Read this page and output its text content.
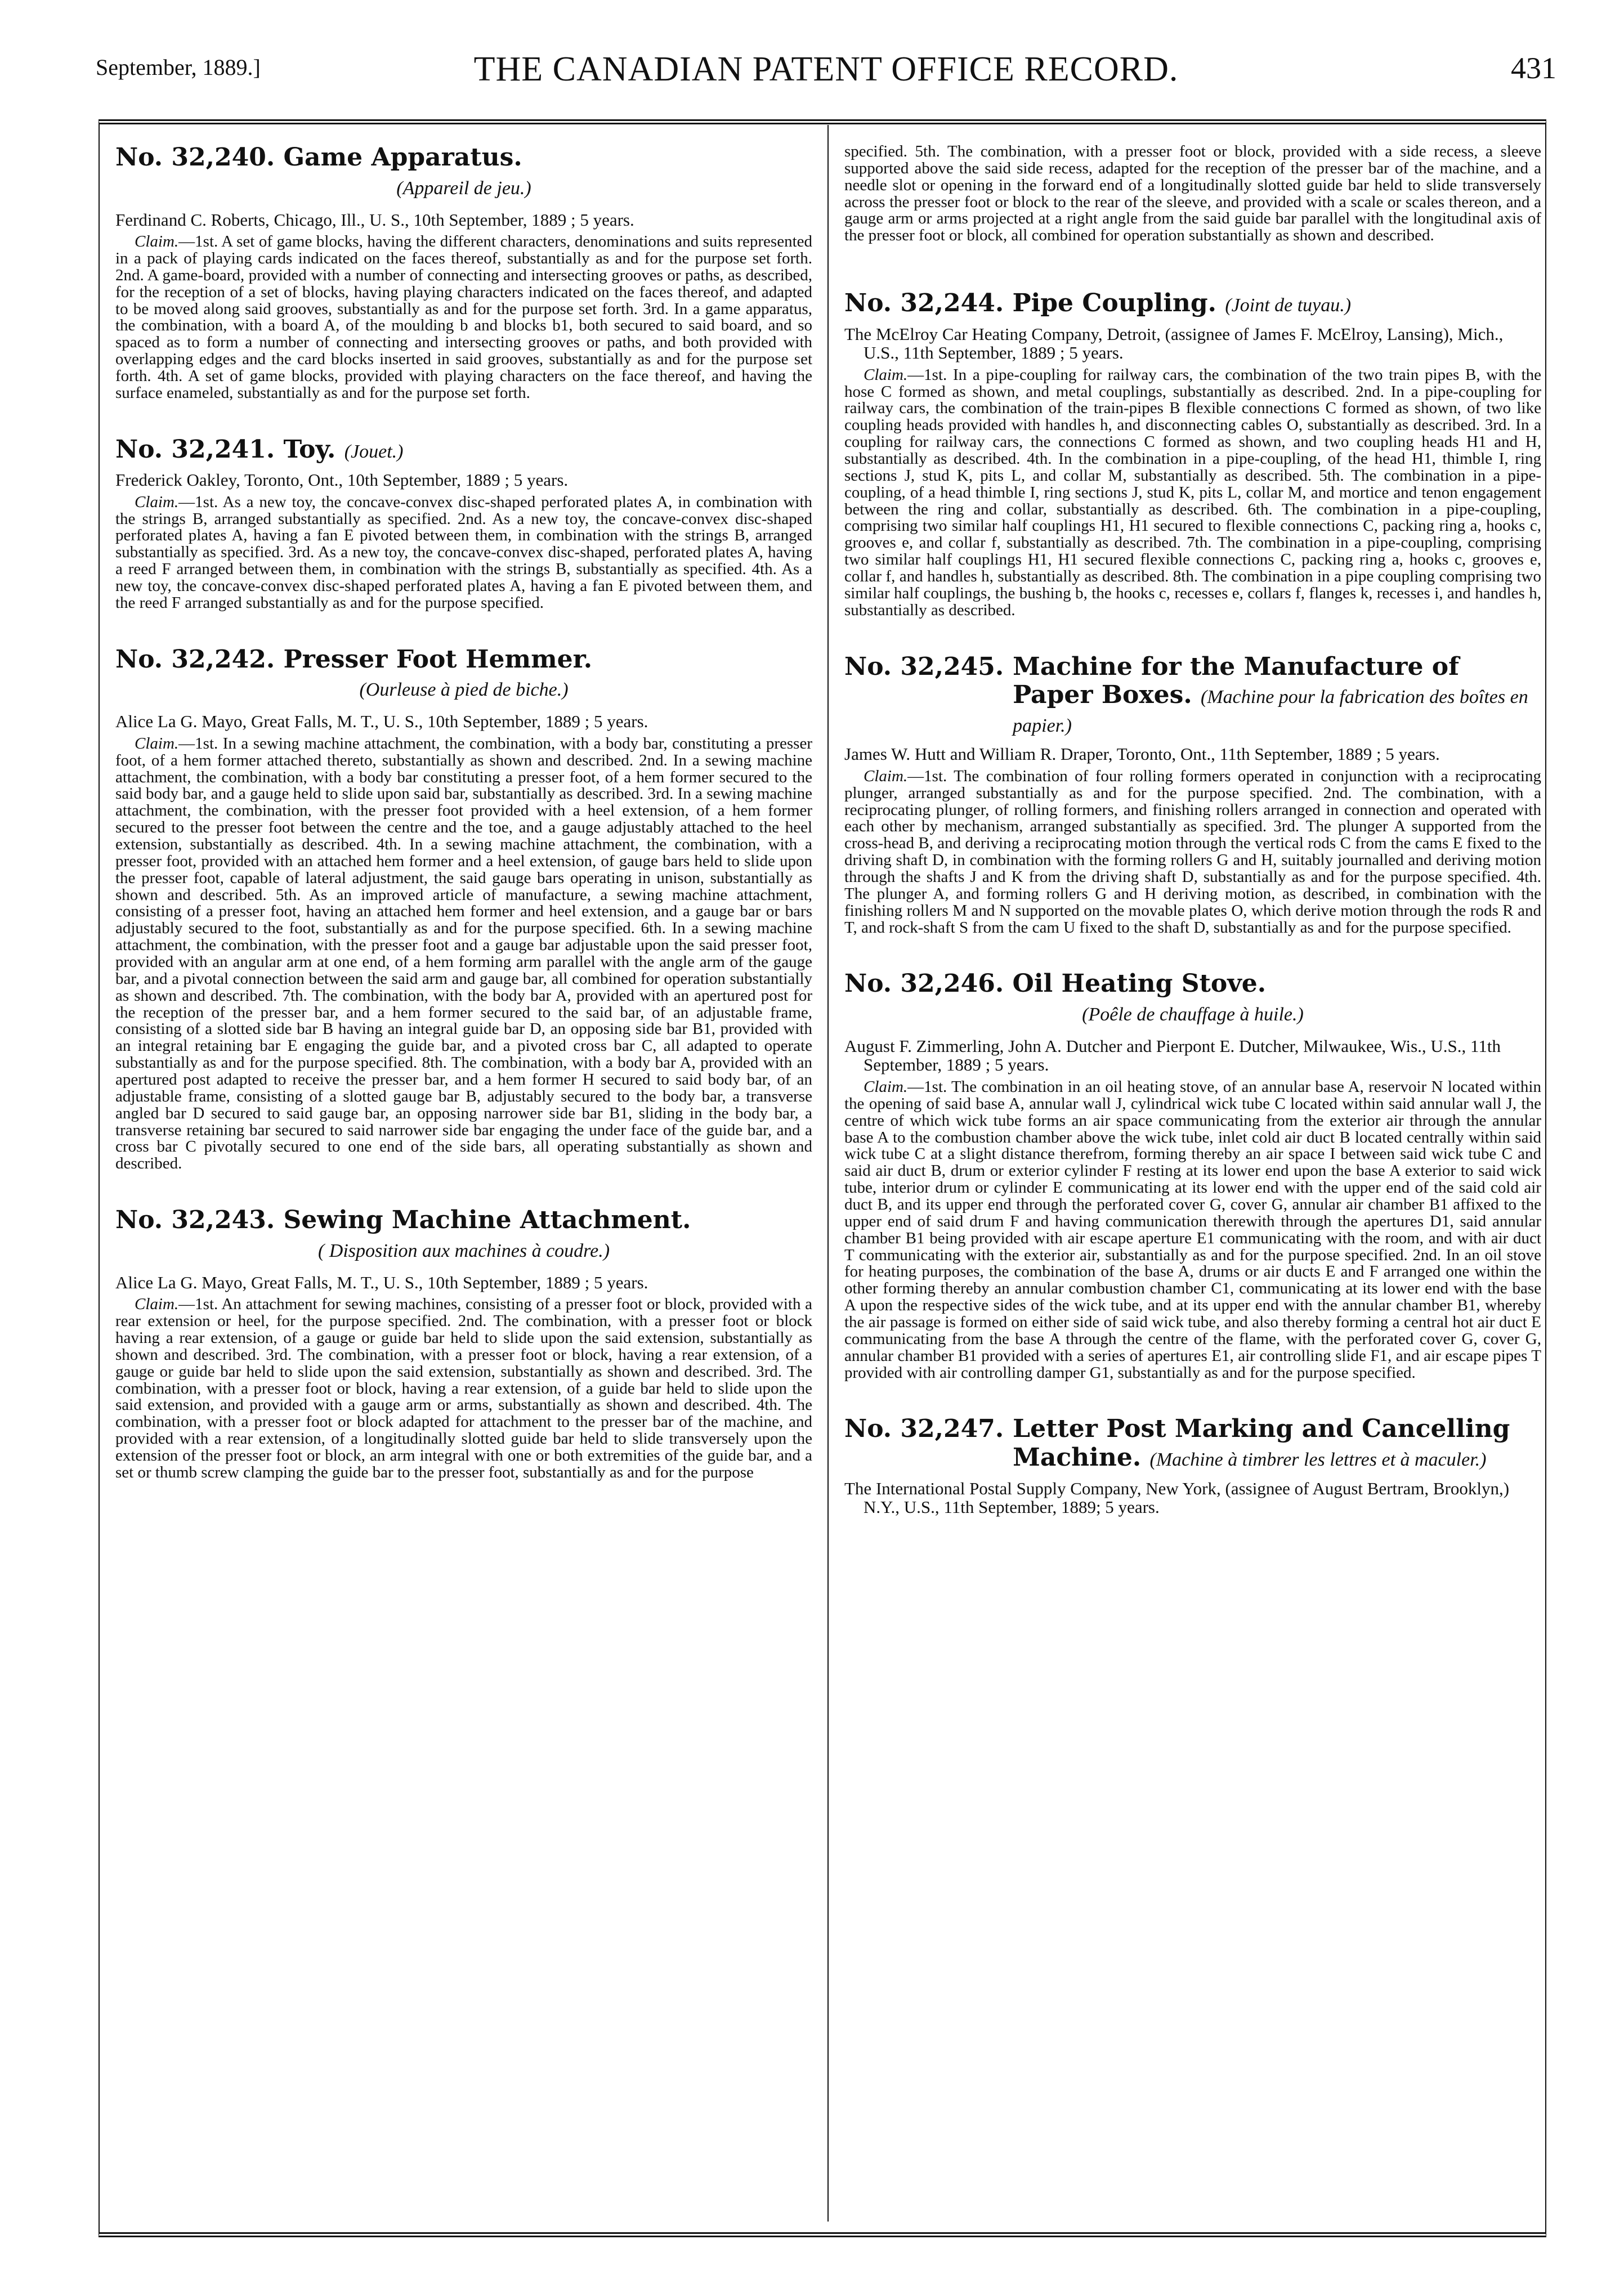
September, 1889.]	THE CANADIAN PATENT OFFICE RECORD.	431

No. 32,240. Game Apparatus.

(Appareil de jeu.)

Ferdinand C. Roberts, Chicago, Ill., U. S., 10th September, 1889 ; 5 years.

Claim.—1st. A set of game blocks, having the different characters, denominations and suits represented in a pack of playing cards indicated on the faces thereof, substantially as and for the purpose set forth. 2nd. A game-board, provided with a number of connecting and intersecting grooves or paths, as described, for the reception of a set of blocks, having playing characters indicated on the faces thereof, and adapted to be moved along said grooves, substantially as and for the purpose set forth. 3rd. In a game apparatus, the combination, with a board A, of the moulding b and blocks b1, both secured to said board, and so spaced as to form a number of connecting and intersecting grooves or paths, and both provided with overlapping edges and the card blocks inserted in said grooves, substantially as and for the purpose set forth. 4th. A set of game blocks, provided with playing characters on the face thereof, and having the surface enameled, substantially as and for the purpose set forth.

No. 32,241. Toy. (Jouet.)

Frederick Oakley, Toronto, Ont., 10th September, 1889 ; 5 years.

Claim.—1st. As a new toy, the concave-convex disc-shaped perforated plates A, in combination with the strings B, arranged substantially as specified. 2nd. As a new toy, the concave-convex disc-shaped perforated plates A, having a fan E pivoted between them, in combination with the strings B, arranged substantially as specified. 3rd. As a new toy, the concave-convex disc-shaped, perforated plates A, having a reed F arranged between them, in combination with the strings B, substantially as specified. 4th. As a new toy, the concave-convex disc-shaped perforated plates A, having a fan E pivoted between them, and the reed F arranged substantially as and for the purpose specified.

No. 32,242. Presser Foot Hemmer.

(Ourleuse à pied de biche.)

Alice La G. Mayo, Great Falls, M. T., U. S., 10th September, 1889 ; 5 years.

Claim.—1st. In a sewing machine attachment, the combination, with a body bar, constituting a presser foot, of a hem former attached thereto, substantially as shown and described. 2nd. In a sewing machine attachment, the combination, with a body bar constituting a presser foot, of a hem former secured to the said body bar, and a gauge held to slide upon said bar, substantially as described. 3rd. In a sewing machine attachment, the combination, with the presser foot provided with a heel extension, of a hem former secured to the presser foot between the centre and the toe, and a gauge adjustably attached to the heel extension, substantially as described. 4th. In a sewing machine attachment, the combination, with a presser foot, provided with an attached hem former and a heel extension, of gauge bars held to slide upon the presser foot, capable of lateral adjustment, the said gauge bars operating in unison, substantially as shown and described. 5th. As an improved article of manufacture, a sewing machine attachment, consisting of a presser foot, having an attached hem former and heel extension, and a gauge bar or bars adjustably secured to the foot, substantially as and for the purpose specified. 6th. In a sewing machine attachment, the combination, with the presser foot and a gauge bar adjustable upon the said presser foot, provided with an angular arm at one end, of a hem forming arm parallel with the angle arm of the gauge bar, and a pivotal connection between the said arm and gauge bar, all combined for operation substantially as shown and described. 7th. The combination, with the body bar A, provided with an apertured post for the reception of the presser bar, and a hem former secured to the said bar, of an adjustable frame, consisting of a slotted side bar B having an integral guide bar D, an opposing side bar B1, provided with an integral retaining bar E engaging the guide bar, and a pivoted cross bar C, all adapted to operate substantially as and for the purpose specified. 8th. The combination, with a body bar A, provided with an apertured post adapted to receive the presser bar, and a hem former H secured to said body bar, of an adjustable frame, consisting of a slotted gauge bar B, adjustably secured to the body bar, a transverse angled bar D secured to said gauge bar, an opposing narrower side bar B1, sliding in the body bar, a transverse retaining bar secured to said narrower side bar engaging the under face of the guide bar, and a cross bar C pivotally secured to one end of the side bars, all operating substantially as shown and described.

No. 32,243. Sewing Machine Attachment.

( Disposition aux machines à coudre.)

Alice La G. Mayo, Great Falls, M. T., U. S., 10th September, 1889 ; 5 years.

Claim.—1st. An attachment for sewing machines, consisting of a presser foot or block, provided with a rear extension or heel, for the purpose specified. 2nd. The combination, with a presser foot or block having a rear extension, of a gauge or guide bar held to slide upon the said extension, substantially as shown and described. 3rd. The combination, with a presser foot or block, having a rear extension, of a gauge or guide bar held to slide upon the said extension, substantially as shown and described. 3rd. The combination, with a presser foot or block, having a rear extension, of a guide bar held to slide upon the said extension, and provided with a gauge arm or arms, substantially as shown and described. 4th. The combination, with a presser foot or block adapted for attachment to the presser bar of the machine, and provided with a rear extension, of a longitudinally slotted guide bar held to slide transversely upon the extension of the presser foot or block, an arm integral with one or both extremities of the guide bar, and a set or thumb screw clamping the guide bar to the presser foot, substantially as and for the purpose

specified. 5th. The combination, with a presser foot or block, provided with a side recess, a sleeve supported above the said side recess, adapted for the reception of the presser bar of the machine, and a needle slot or opening in the forward end of a longitudinally slotted guide bar held to slide transversely across the presser foot or block to the rear of the sleeve, and provided with a scale or scales thereon, and a gauge arm or arms projected at a right angle from the said guide bar parallel with the longitudinal axis of the presser foot or block, all combined for operation substantially as shown and described.

No. 32,244. Pipe Coupling. (Joint de tuyau.)

The McElroy Car Heating Company, Detroit, (assignee of James F. McElroy, Lansing), Mich., U.S., 11th September, 1889 ; 5 years.

Claim.—1st. In a pipe-coupling for railway cars, the combination of the two train pipes B, with the hose C formed as shown, and metal couplings, substantially as described. 2nd. In a pipe-coupling for railway cars, the combination of the train-pipes B flexible connections C formed as shown, of two like coupling heads provided with handles h, and disconnecting cables O, substantially as described. 3rd. In a coupling for railway cars, the connections C formed as shown, and two coupling heads H1 and H, substantially as described. 4th. In the combination in a pipe-coupling, of the head H1, thimble I, ring sections J, stud K, pits L, and collar M, substantially as described. 5th. The combination in a pipe-coupling, of a head thimble I, ring sections J, stud K, pits L, collar M, and mortice and tenon engagement between the ring and collar, substantially as described. 6th. The combination in a pipe-coupling, comprising two similar half couplings H1, H1 secured to flexible connections C, packing ring a, hooks c, grooves e, and collar f, substantially as described. 7th. The combination in a pipe-coupling, comprising two similar half couplings H1, H1 secured flexible connections C, packing ring a, hooks c, grooves e, collar f, and handles h, substantially as described. 8th. The combination in a pipe coupling comprising two similar half couplings, the bushing b, the hooks c, recesses e, collars f, flanges k, recesses i, and handles h, substantially as described.

No. 32,245. Machine for the Manufacture of Paper Boxes. (Machine pour la fabrication des boîtes en papier.)

James W. Hutt and William R. Draper, Toronto, Ont., 11th September, 1889 ; 5 years.

Claim.—1st. The combination of four rolling formers operated in conjunction with a reciprocating plunger, arranged substantially as and for the purpose specified. 2nd. The combination, with a reciprocating plunger, of rolling formers, and finishing rollers arranged in connection and operated with each other by mechanism, arranged substantially as specified. 3rd. The plunger A supported from the cross-head B, and deriving a reciprocating motion through the vertical rods C from the cams E fixed to the driving shaft D, in combination with the forming rollers G and H, suitably journalled and deriving motion through the shafts J and K from the driving shaft D, substantially as and for the purpose specified. 4th. The plunger A, and forming rollers G and H deriving motion, as described, in combination with the finishing rollers M and N supported on the movable plates O, which derive motion through the rods R and T, and rock-shaft S from the cam U fixed to the shaft D, substantially as and for the purpose specified.

No. 32,246. Oil Heating Stove.

(Poêle de chauffage à huile.)

August F. Zimmerling, John A. Dutcher and Pierpont E. Dutcher, Milwaukee, Wis., U.S., 11th September, 1889 ; 5 years.

Claim.—1st. The combination in an oil heating stove, of an annular base A, reservoir N located within the opening of said base A, annular wall J, cylindrical wick tube C located within said annular wall J, the centre of which wick tube forms an air space communicating from the exterior air through the annular base A to the combustion chamber above the wick tube, inlet cold air duct B located centrally within said wick tube C at a slight distance therefrom, forming thereby an air space I between said wick tube C and said air duct B, drum or exterior cylinder F resting at its lower end upon the base A exterior to said wick tube, interior drum or cylinder E communicating at its lower end with the upper end of the said cold air duct B, and its upper end through the perforated cover G, cover G, annular air chamber B1 affixed to the upper end of said drum F and having communication therewith through the apertures D1, said annular chamber B1 being provided with air escape aperture E1 communicating with the room, and with air duct T communicating with the exterior air, substantially as and for the purpose specified. 2nd. In an oil stove for heating purposes, the combination of the base A, drums or air ducts E and F arranged one within the other forming thereby an annular combustion chamber C1, communicating at its lower end with the base A upon the respective sides of the wick tube, and at its upper end with the annular chamber B1, whereby the air passage is formed on either side of said wick tube, and also thereby forming a central hot air duct E communicating from the base A through the centre of the flame, with the perforated cover G, cover G, annular chamber B1 provided with a series of apertures E1, air controlling slide F1, and air escape pipes T provided with air controlling damper G1, substantially as and for the purpose specified.

No. 32,247. Letter Post Marking and Cancelling Machine. (Machine à timbrer les lettres et à maculer.)

The International Postal Supply Company, New York, (assignee of August Bertram, Brooklyn,) N.Y., U.S., 11th September, 1889; 5 years.
